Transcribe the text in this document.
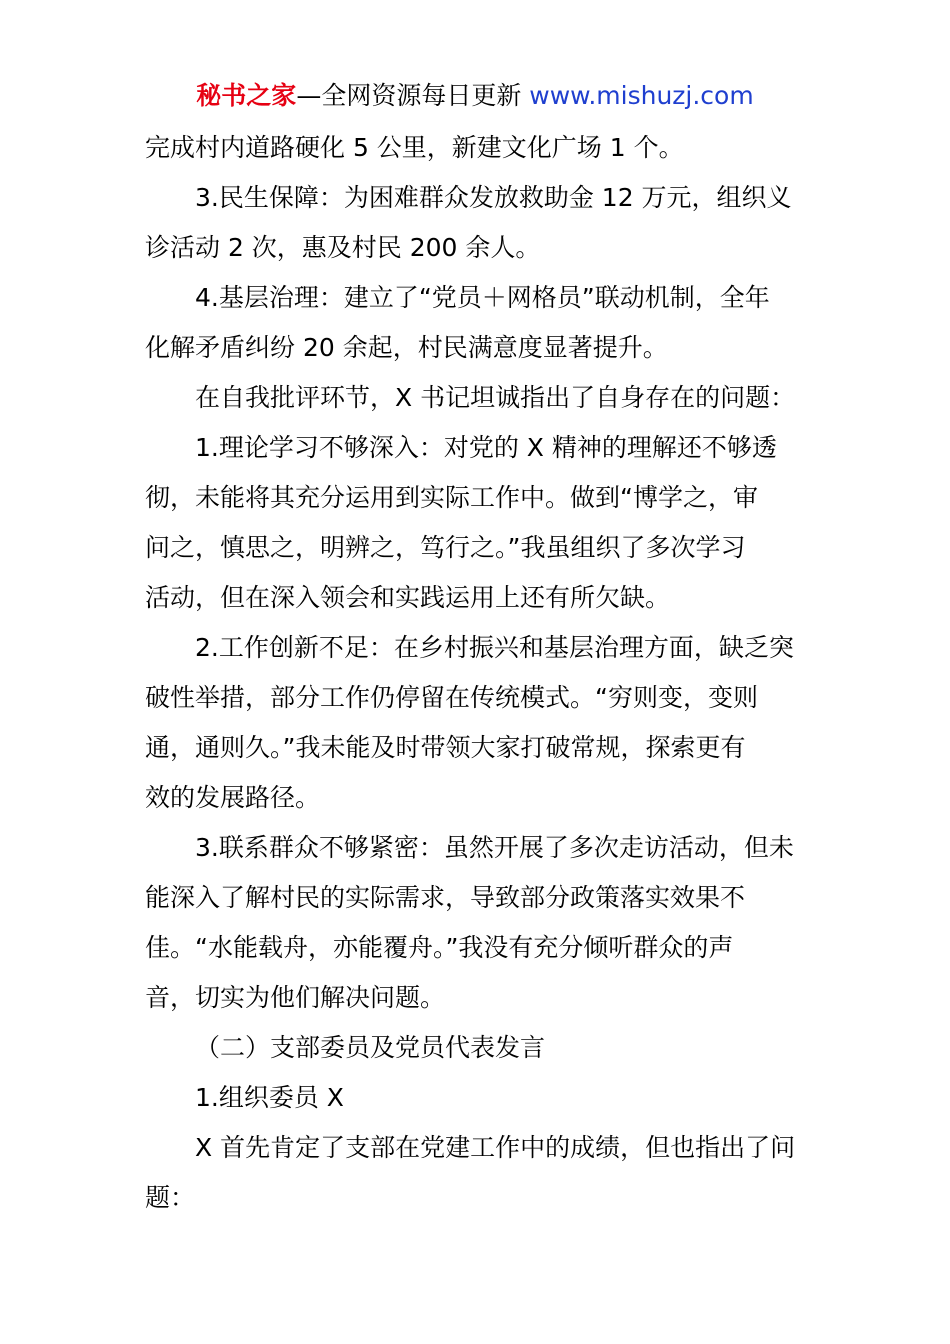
秘书之家—全网资源每日更新 www.mishuzj.com
完成村内道路硬化 5 公里，新建文化广场 1 个。
3.民生保障：为困难群众发放救助金 12 万元，组织义
诊活动 2 次，惠及村民 200 余人。
4.基层治理：建立了“党员＋网格员”联动机制，全年
化解矛盾纠纷 20 余起，村民满意度显著提升。
在自我批评环节，X 书记坦诚指出了自身存在的问题：
1.理论学习不够深入：对党的 X 精神的理解还不够透
彻，未能将其充分运用到实际工作中。做到“博学之，审
问之，慎思之，明辨之，笃行之。”我虽组织了多次学习
活动，但在深入领会和实践运用上还有所欠缺。
2.工作创新不足：在乡村振兴和基层治理方面，缺乏突
破性举措，部分工作仍停留在传统模式。“穷则变，变则
通，通则久。”我未能及时带领大家打破常规，探索更有
效的发展路径。
3.联系群众不够紧密：虽然开展了多次走访活动，但未
能深入了解村民的实际需求，导致部分政策落实效果不
佳。“水能载舟，亦能覆舟。”我没有充分倾听群众的声
音，切实为他们解决问题。
（二）支部委员及党员代表发言
1.组织委员 X
X 首先肯定了支部在党建工作中的成绩，但也指出了问
题：
